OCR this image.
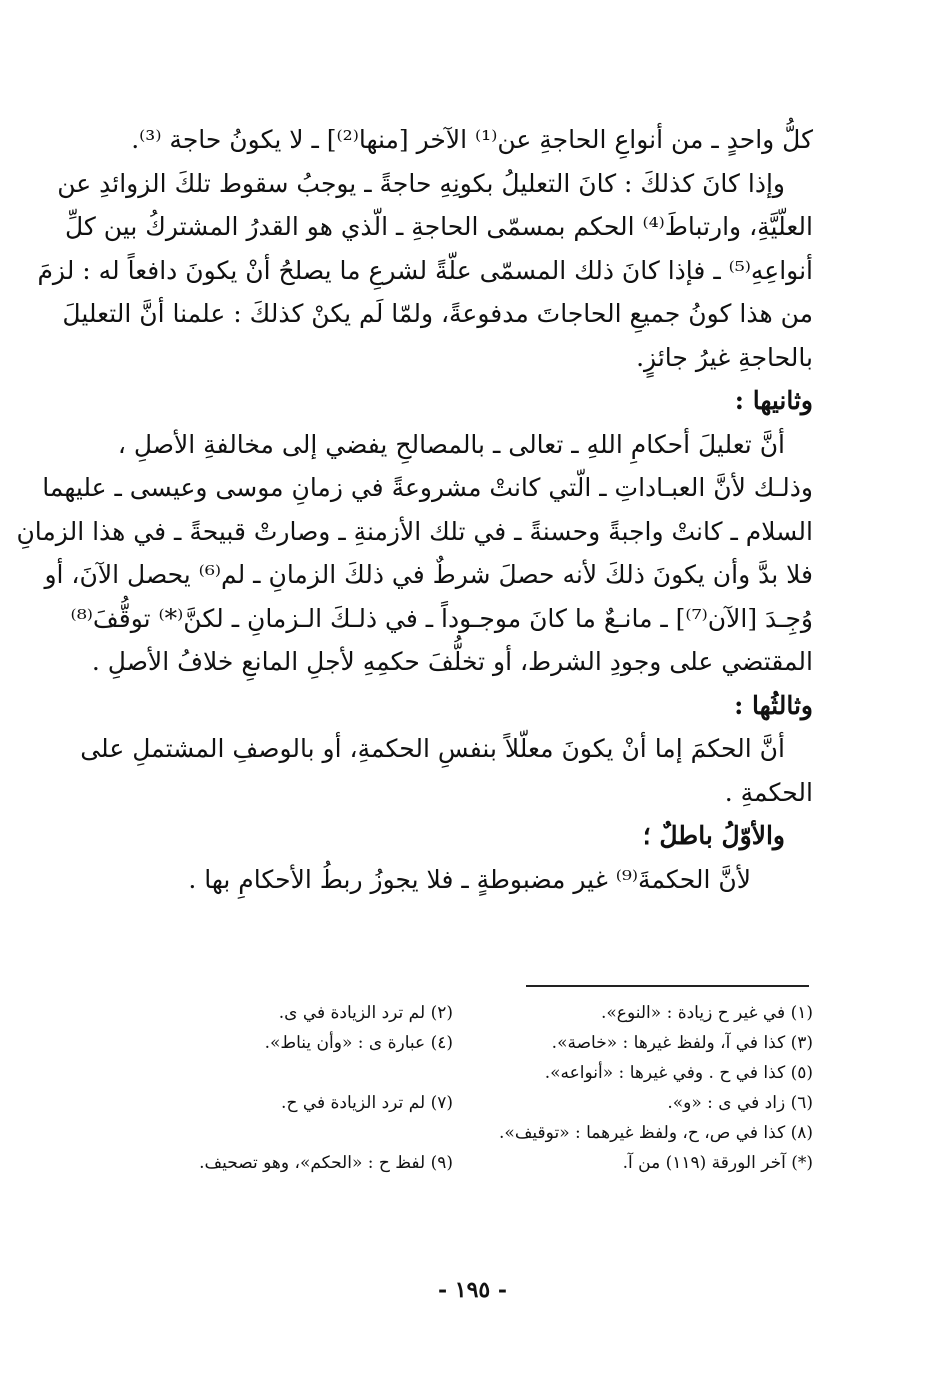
كلُّ واحدٍ ـ من أنواعِ الحاجةِ عن⁽¹⁾ الآخر [منها⁽²⁾] ـ لا يكونُ حاجة ⁽³⁾.
وإذا كانَ كذلكَ : كانَ التعليلُ بكونِهِ حاجةً ـ يوجبُ سقوط تلكَ الزوائدِ عن
العلّيَّةِ، وارتباطَ⁽⁴⁾ الحكم بمسمّى الحاجةِ ـ الّذي هو القدرُ المشتركُ بين كلِّ
أنواعِهِ⁽⁵⁾ ـ فإذا كانَ ذلك المسمّى علّةً لشرعِ ما يصلحُ أنْ يكونَ دافعاً له : لزمَ
من هذا كونُ جميعِ الحاجاتَ مدفوعةً، ولمّا لَم يكنْ كذلكَ : علمنا أنَّ التعليلَ
بالحاجةِ غيرُ جائزٍ.
وثانيها :
أنَّ تعليلَ أحكامِ اللهِ ـ تعالى ـ بالمصالحِ يفضي إلى مخالفةِ الأصلِ ،
وذلـك لأنَّ العبـاداتِ ـ الّتي كانتْ مشروعةً في زمانِ موسى وعيسى ـ عليهما
السلام ـ كانتْ واجبةً وحسنةً ـ في تلك الأزمنةِ ـ وصارتْ قبيحةً ـ في هذا الزمانِ
فلا بدَّ وأن يكونَ ذلكَ لأنه حصلَ شرطٌ في ذلكَ الزمانِ ـ لم⁽⁶⁾ يحصل الآنَ، أو
وُجِـدَ [الآن⁽⁷⁾] ـ مانـعٌ ما كانَ موجـوداً ـ في ذلـكَ الـزمانِ ـ لكنَّ⁽*⁾ توقُّفَ⁽⁸⁾
المقتضي على وجودِ الشرط، أو تخلُّفَ حكمِهِ لأجلِ المانعِ خلافُ الأصلِ .
وثالثُها :
أنَّ الحكمَ إما أنْ يكونَ معلّلاً بنفسِ الحكمةِ، أو بالوصفِ المشتملِ على
الحكمةِ .
والأوّلُ باطلٌ ؛
لأنَّ الحكمةَ⁽⁹⁾ غير مضبوطةٍ ـ فلا يجوزُ ربطُ الأحكامِ بها .
(١) في غير ح زيادة : «النوع».
(٢) لم ترد الزيادة في ى.
(٣) كذا في آ، ولفظ غيرها : «خاصة».
(٤) عبارة ى : «وأن يناط».
(٥) كذا في ح . وفي غيرها : «أنواعه».
(٦) زاد في ى : «و».
(٧) لم ترد الزيادة في ح.
(٨) كذا في ص، ح، ولفظ غيرهما : «توقيف».
(*) آخر الورقة (١١٩) من آ.
(٩) لفظ ح : «الحكم»، وهو تصحيف.
- ١٩٥ -
